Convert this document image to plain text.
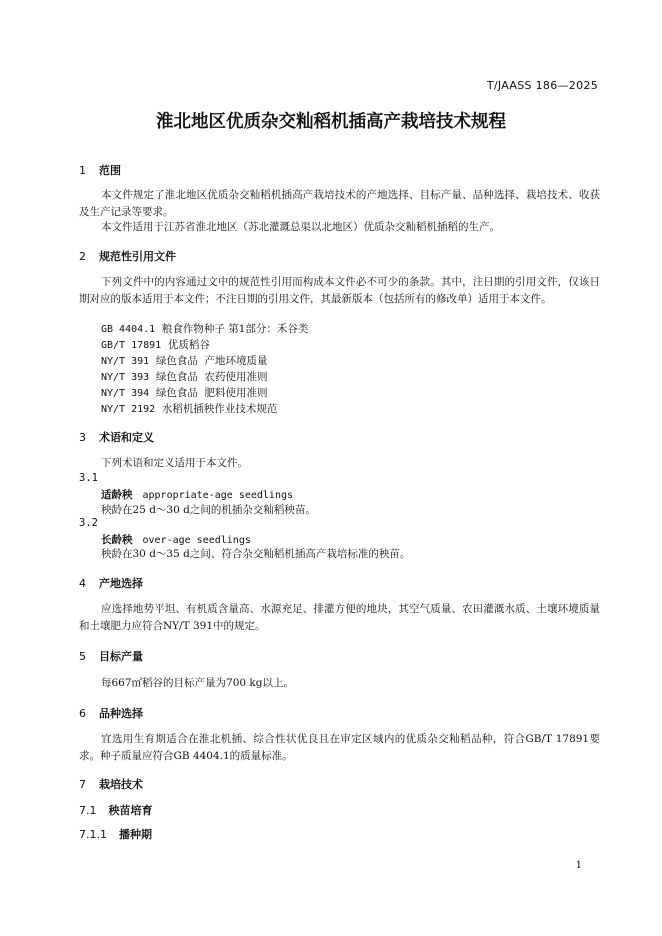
T/JAASS 186—2025
淮北地区优质杂交籼稻机插高产栽培技术规程
1 范围
本文件规定了淮北地区优质杂交籼稻机插高产栽培技术的产地选择、目标产量、品种选择、栽培技术、收获及生产记录等要求。
本文件适用于江苏省淮北地区（苏北灌溉总渠以北地区）优质杂交籼稻机插稻的生产。
2 规范性引用文件
下列文件中的内容通过文中的规范性引用而构成本文件必不可少的条款。其中，注日期的引用文件，仅该日期对应的版本适用于本文件；不注日期的引用文件，其最新版本（包括所有的修改单）适用于本文件。
GB 4404.1 粮食作物种子 第1部分：禾谷类
GB/T 17891 优质稻谷
NY/T 391 绿色食品  产地环境质量
NY/T 393 绿色食品  农药使用准则
NY/T 394 绿色食品  肥料使用准则
NY/T 2192 水稻机插秧作业技术规范
3 术语和定义
下列术语和定义适用于本文件。
3.1
适龄秧 appropriate-age seedlings
秧龄在25 d～30 d之间的机插杂交籼稻秧苗。
3.2
长龄秧 over-age seedlings
秧龄在30 d～35 d之间、符合杂交籼稻机插高产栽培标准的秧苗。
4 产地选择
应选择地势平坦、有机质含量高、水源充足、排灌方便的地块，其空气质量、农田灌溉水质、土壤环境质量和土壤肥力应符合NY/T 391中的规定。
5 目标产量
每667㎡稻谷的目标产量为700 kg以上。
6 品种选择
宜选用生育期适合在淮北机插、综合性状优良且在审定区域内的优质杂交籼稻品种，符合GB/T 17891要求。种子质量应符合GB 4404.1的质量标准。
7 栽培技术
7.1 秧苗培育
7.1.1 播种期
1
